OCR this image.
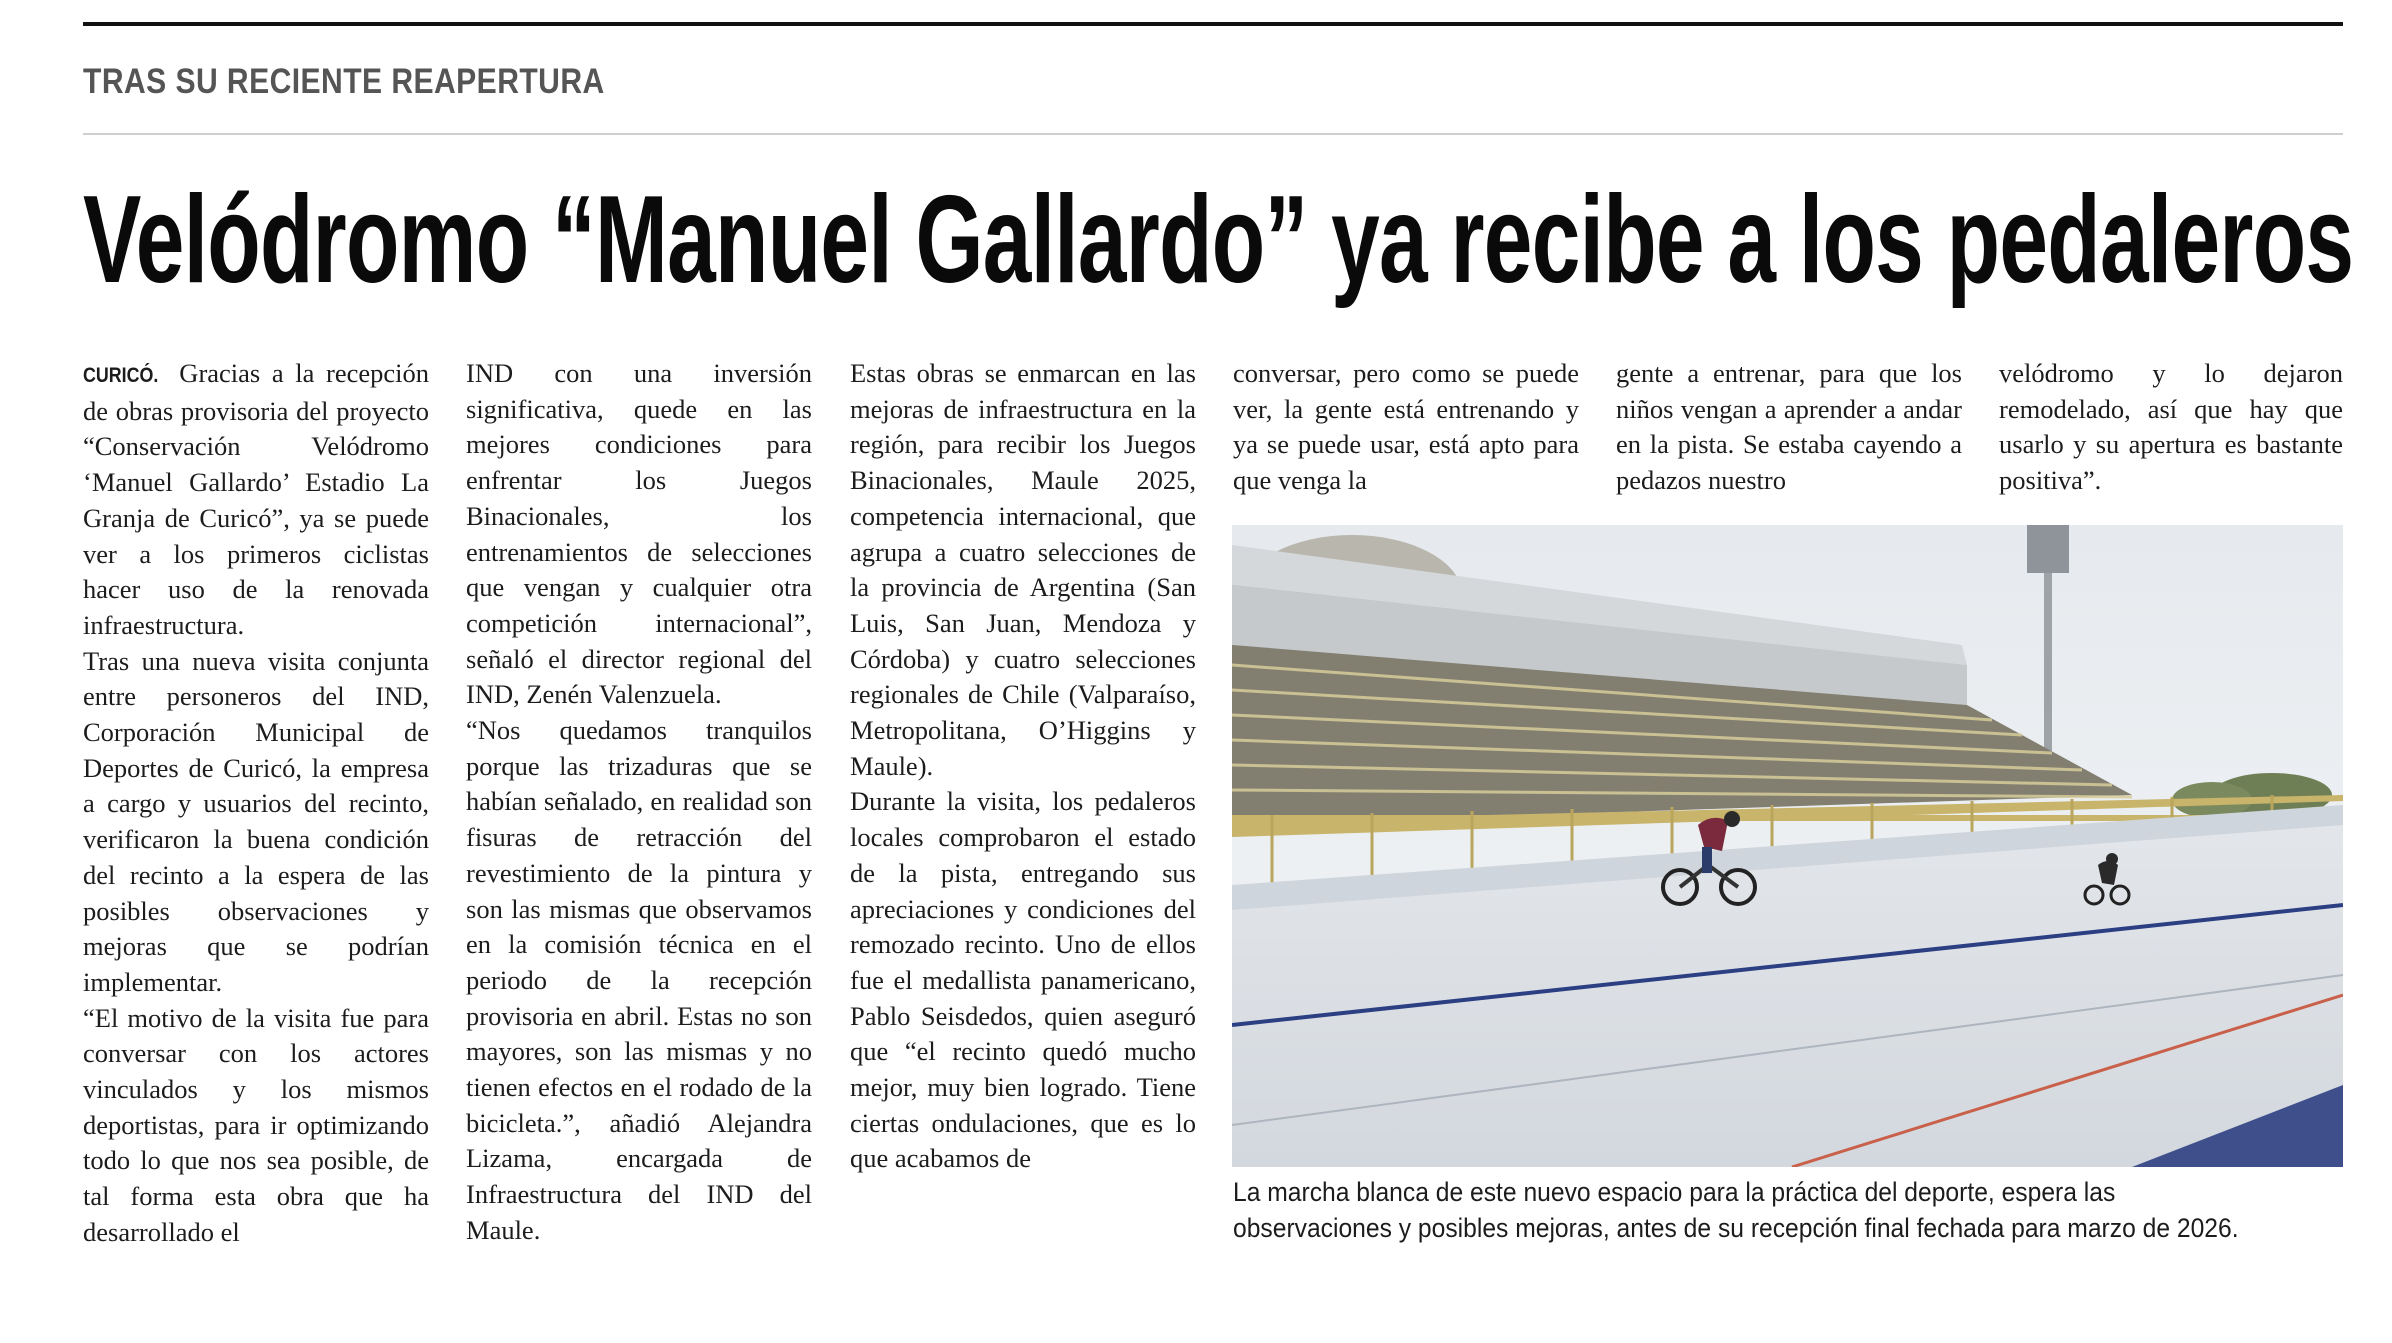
TRAS SU RECIENTE REAPERTURA
Velódromo “Manuel Gallardo” ya recibe a los pedaleros

CURICÓ. Gracias a la recepción de obras provisoria del proyecto “Conservación Velódromo ‘Manuel Gallardo’ Estadio La Granja de Curicó”, ya se puede ver a los primeros ciclistas hacer uso de la renovada infraestructura.

Tras una nueva visita conjunta entre personeros del IND, Corporación Municipal de Deportes de Curicó, la empresa a cargo y usuarios del recinto, verificaron la buena condición del recinto a la espera de las posibles observaciones y mejoras que se podrían implementar.

“El motivo de la visita fue para conversar con los actores vinculados y los mismos deportistas, para ir optimizando todo lo que nos sea posible, de tal forma esta obra que ha desarrollado el

IND con una inversión significativa, quede en las mejores condiciones para enfrentar los Juegos Binacionales, los entrenamientos de selecciones que vengan y cualquier otra competición internacional”, señaló el director regional del IND, Zenén Valenzuela.

“Nos quedamos tranquilos porque las trizaduras que se habían señalado, en realidad son fisuras de retracción del revestimiento de la pintura y son las mismas que observamos en la comisión técnica en el periodo de la recepción provisoria en abril. Estas no son mayores, son las mismas y no tienen efectos en el rodado de la bicicleta.”, añadió Alejandra Lizama, encargada de Infraestructura del IND del Maule.

Estas obras se enmarcan en las mejoras de infraestructura en la región, para recibir los Juegos Binacionales, Maule 2025, competencia internacional, que agrupa a cuatro selecciones de la provincia de Argentina (San Luis, San Juan, Mendoza y Córdoba) y cuatro selecciones regionales de Chile (Valparaíso, Metropolitana, O’Higgins y Maule).

Durante la visita, los pedaleros locales comprobaron el estado de la pista, entregando sus apreciaciones y condiciones del remozado recinto. Uno de ellos fue el medallista panamericano, Pablo Seisdedos, quien aseguró que “el recinto quedó mucho mejor, muy bien logrado. Tiene ciertas ondulaciones, que es lo que acabamos de

conversar, pero como se puede ver, la gente está entrenando y ya se puede usar, está apto para que venga la

gente a entrenar, para que los niños vengan a aprender a andar en la pista. Se estaba cayendo a pedazos nuestro

velódromo y lo dejaron remodelado, así que hay que usarlo y su apertura es bastante positiva”.

La marcha blanca de este nuevo espacio para la práctica del deporte, espera las

observaciones y posibles mejoras, antes de su recepción final fechada para marzo de 2026.
